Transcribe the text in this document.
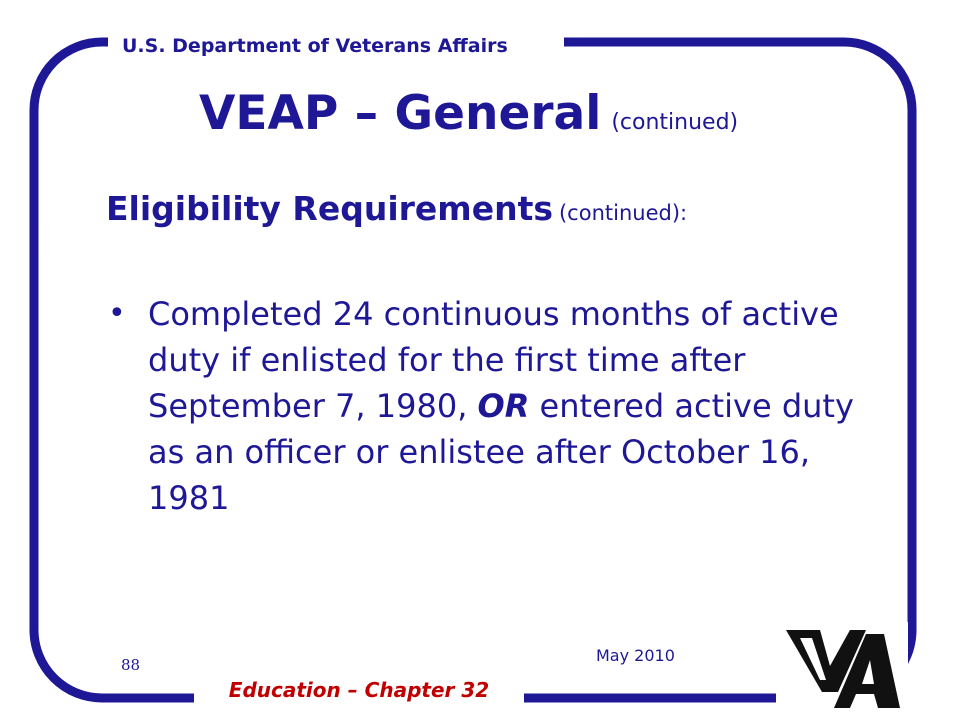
U.S. Department of Veterans Affairs
VEAP – General (continued)
Eligibility Requirements (continued):
• Completed 24 continuous months of active duty if enlisted for the first time after September 7, 1980, OR entered active duty as an officer or enlistee after October 16, 1981

88	May 2010
Education – Chapter 32
